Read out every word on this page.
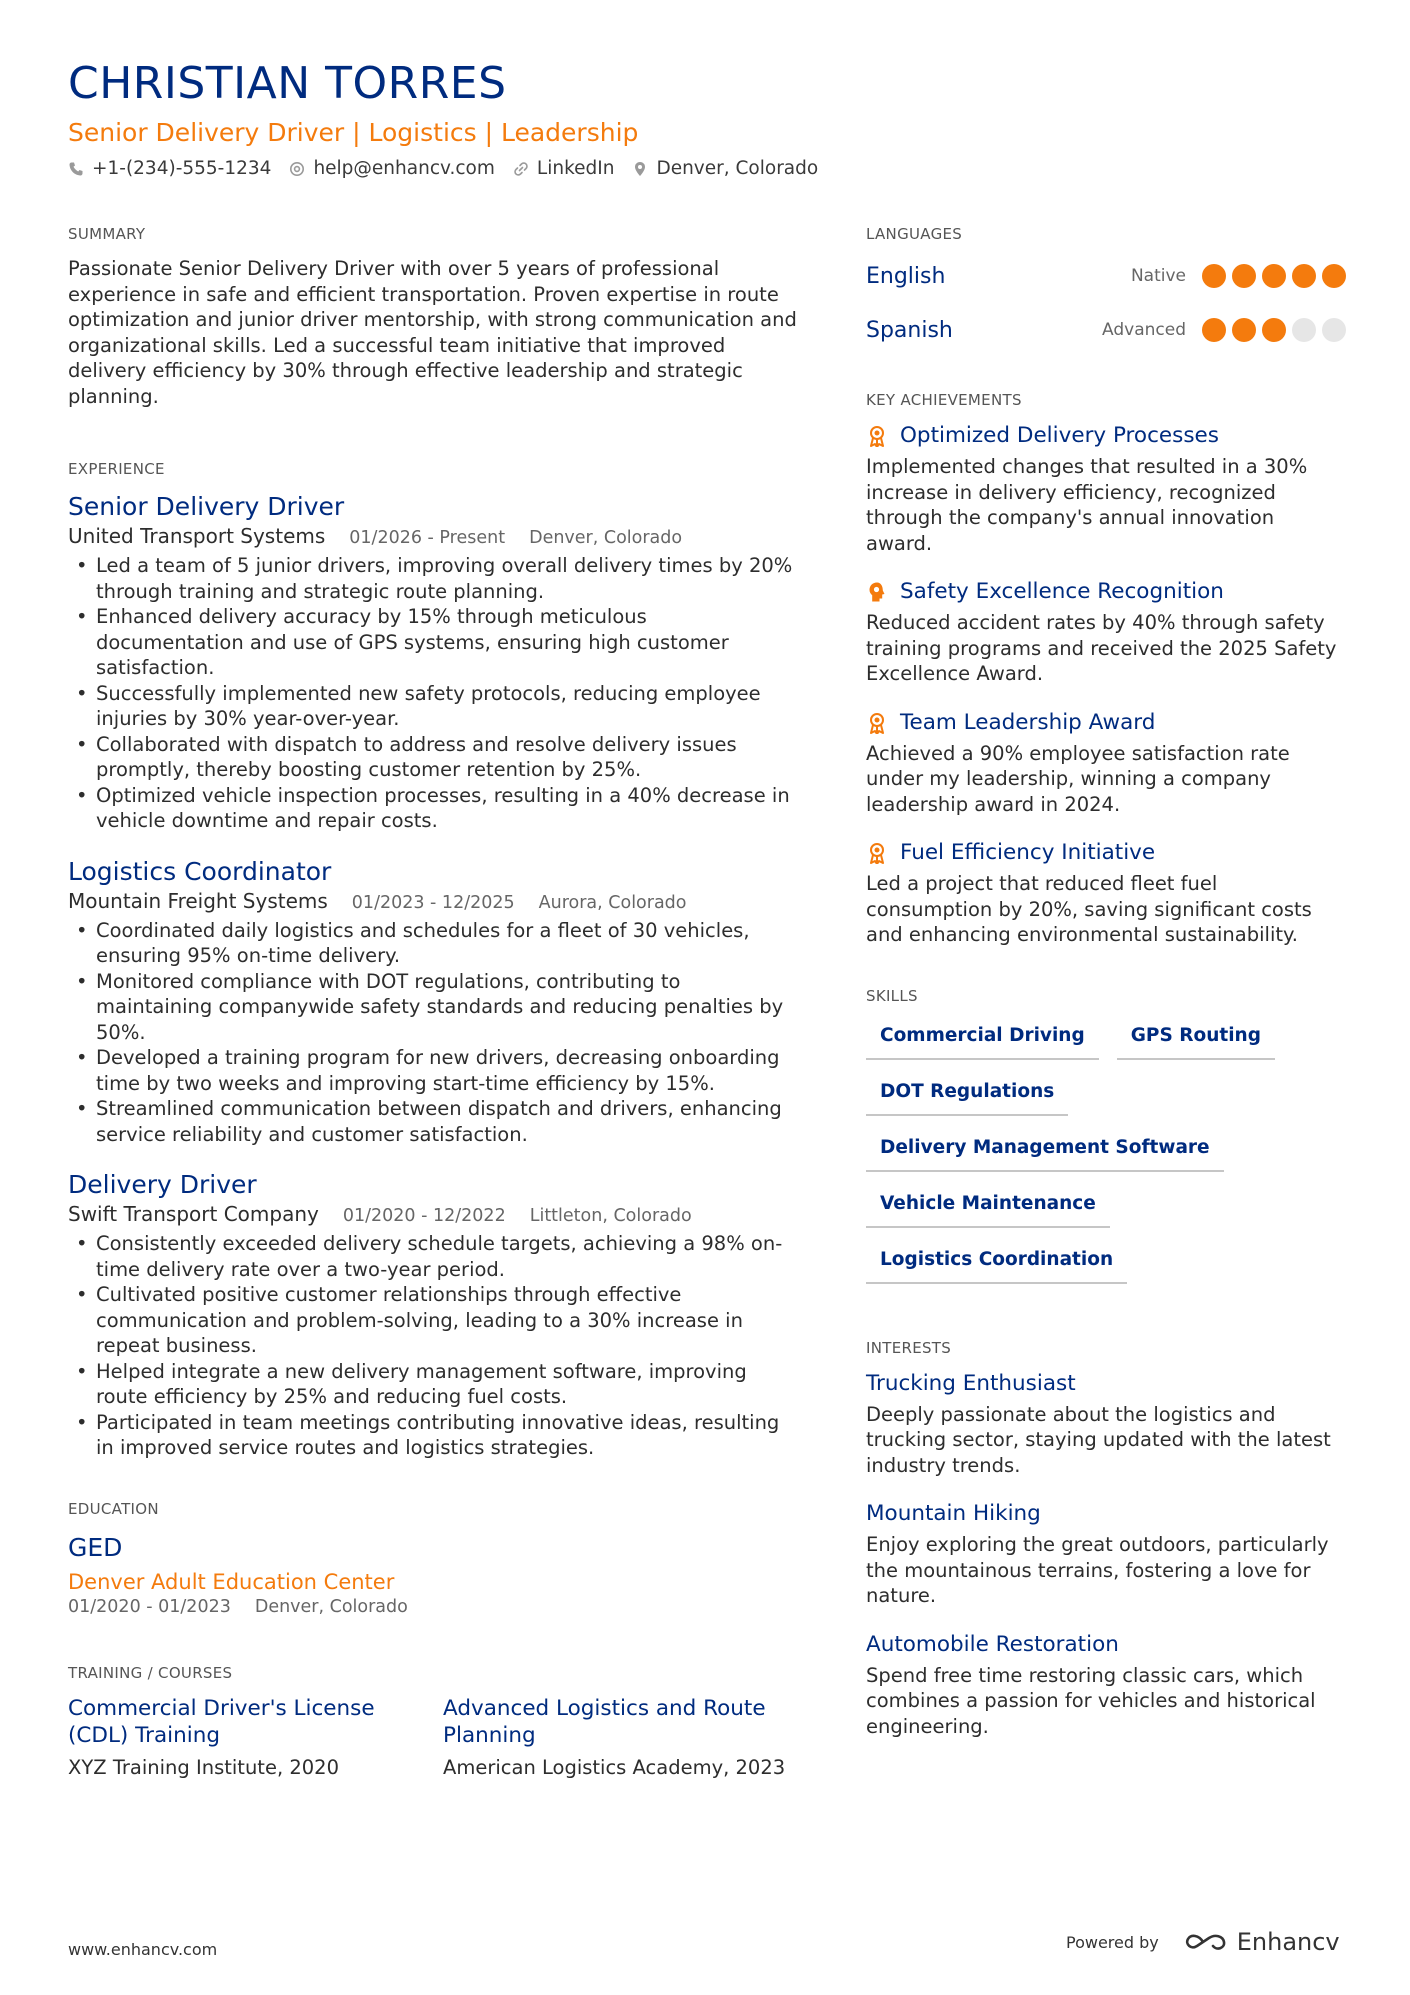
CHRISTIAN TORRES
Senior Delivery Driver | Logistics | Leadership
+1-(234)-555-1234 help@enhancv.com LinkedIn Denver, Colorado
SUMMARY
Passionate Senior Delivery Driver with over 5 years of professional experience in safe and efficient transportation. Proven expertise in route optimization and junior driver mentorship, with strong communication and organizational skills. Led a successful team initiative that improved delivery efficiency by 30% through effective leadership and strategic planning.
EXPERIENCE
Senior Delivery Driver
United Transport Systems 01/2026 - Present Denver, Colorado
• Led a team of 5 junior drivers, improving overall delivery times by 20% through training and strategic route planning.
• Enhanced delivery accuracy by 15% through meticulous documentation and use of GPS systems, ensuring high customer satisfaction.
• Successfully implemented new safety protocols, reducing employee injuries by 30% year-over-year.
• Collaborated with dispatch to address and resolve delivery issues promptly, thereby boosting customer retention by 25%.
• Optimized vehicle inspection processes, resulting in a 40% decrease in vehicle downtime and repair costs.
Logistics Coordinator
Mountain Freight Systems 01/2023 - 12/2025 Aurora, Colorado
• Coordinated daily logistics and schedules for a fleet of 30 vehicles, ensuring 95% on-time delivery.
• Monitored compliance with DOT regulations, contributing to maintaining companywide safety standards and reducing penalties by 50%.
• Developed a training program for new drivers, decreasing onboarding time by two weeks and improving start-time efficiency by 15%.
• Streamlined communication between dispatch and drivers, enhancing service reliability and customer satisfaction.
Delivery Driver
Swift Transport Company 01/2020 - 12/2022 Littleton, Colorado
• Consistently exceeded delivery schedule targets, achieving a 98% on-time delivery rate over a two-year period.
• Cultivated positive customer relationships through effective communication and problem-solving, leading to a 30% increase in repeat business.
• Helped integrate a new delivery management software, improving route efficiency by 25% and reducing fuel costs.
• Participated in team meetings contributing innovative ideas, resulting in improved service routes and logistics strategies.
EDUCATION
GED
Denver Adult Education Center
01/2020 - 01/2023 Denver, Colorado
TRAINING / COURSES
Commercial Driver's License (CDL) Training
XYZ Training Institute, 2020
Advanced Logistics and Route Planning
American Logistics Academy, 2023
LANGUAGES
English	Native
Spanish	Advanced
KEY ACHIEVEMENTS
Optimized Delivery Processes
Implemented changes that resulted in a 30% increase in delivery efficiency, recognized through the company's annual innovation award.
Safety Excellence Recognition
Reduced accident rates by 40% through safety training programs and received the 2025 Safety Excellence Award.
Team Leadership Award
Achieved a 90% employee satisfaction rate under my leadership, winning a company leadership award in 2024.
Fuel Efficiency Initiative
Led a project that reduced fleet fuel consumption by 20%, saving significant costs and enhancing environmental sustainability.
SKILLS
Commercial Driving	GPS Routing
DOT Regulations
Delivery Management Software
Vehicle Maintenance
Logistics Coordination
INTERESTS
Trucking Enthusiast
Deeply passionate about the logistics and trucking sector, staying updated with the latest industry trends.
Mountain Hiking
Enjoy exploring the great outdoors, particularly the mountainous terrains, fostering a love for nature.
Automobile Restoration
Spend free time restoring classic cars, which combines a passion for vehicles and historical engineering.
www.enhancv.com	Powered by	Enhancv
